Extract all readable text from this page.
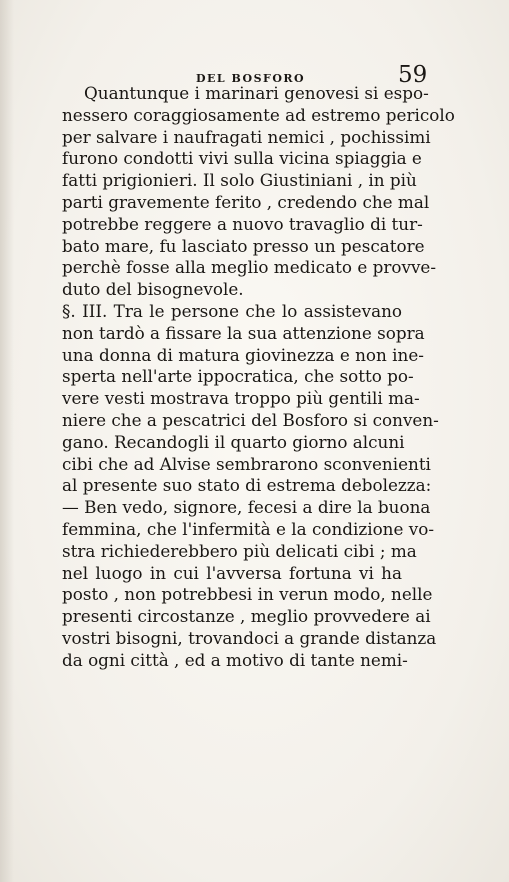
DEL BOSFORO	59
Quantunque i marinari genovesi si espo-
nessero coraggiosamente ad estremo pericolo
per salvare i naufragati nemici , pochissimi
furono condotti vivi sulla vicina spiaggia e
fatti prigionieri. Il solo Giustiniani , in più
parti gravemente ferito , credendo che mal
potrebbe reggere a nuovo travaglio di tur-
bato mare, fu lasciato presso un pescatore
perchè fosse alla meglio medicato e provve-
duto del bisognevole.
§. III. Tra le persone che lo assistevano
non tardò a fissare la sua attenzione sopra
una donna di matura giovinezza e non ine-
sperta nell'arte ippocratica, che sotto po-
vere vesti mostrava troppo più gentili ma-
niere che a pescatrici del Bosforo si conven-
gano. Recandogli il quarto giorno alcuni
cibi che ad Alvise sembrarono sconvenienti
al presente suo stato di estrema debolezza:
— Ben vedo, signore, fecesi a dire la buona
femmina, che l'infermità e la condizione vo-
stra richiederebbero più delicati cibi ; ma
nel luogo in cui l'avversa fortuna vi ha
posto , non potrebbesi in verun modo, nelle
presenti circostanze , meglio provvedere ai
vostri bisogni, trovandoci a grande distanza
da ogni città , ed a motivo di tante nemi-
